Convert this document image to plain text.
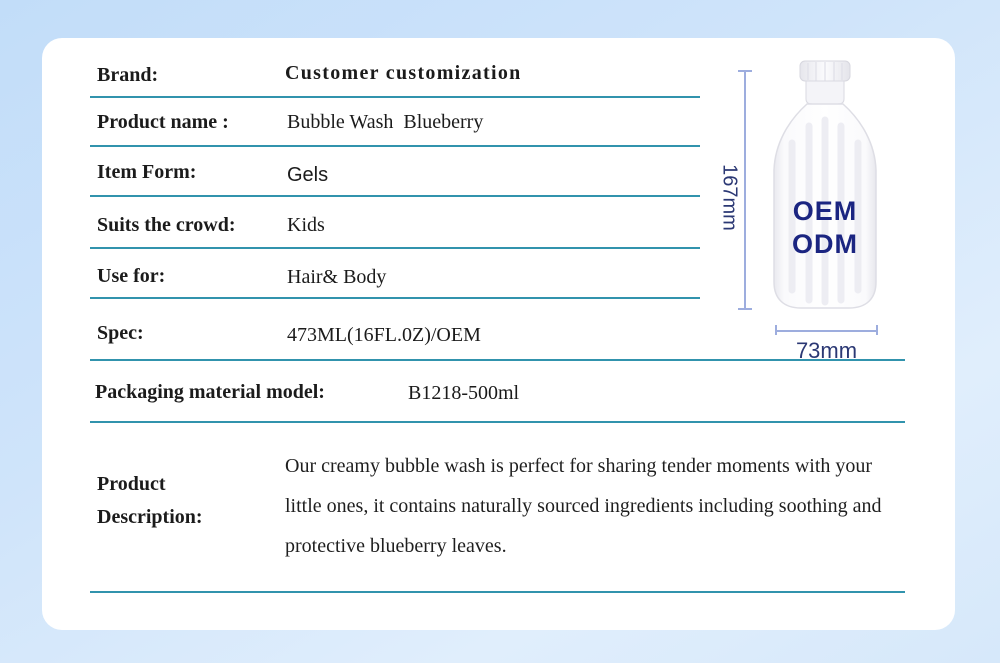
Brand:	Customer customization
Product name :	Bubble Wash  Blueberry
Item Form:	Gels
Suits the crowd:	Kids
Use for:	Hair& Body
Spec:	473ML(16FL.0Z)/OEM
Packaging material model:	B1218-500ml
Product Description:
Our creamy bubble wash is perfect for sharing tender moments with your little ones, it contains naturally sourced ingredients including soothing and protective blueberry leaves.
OEM
ODM
167mm
73mm
